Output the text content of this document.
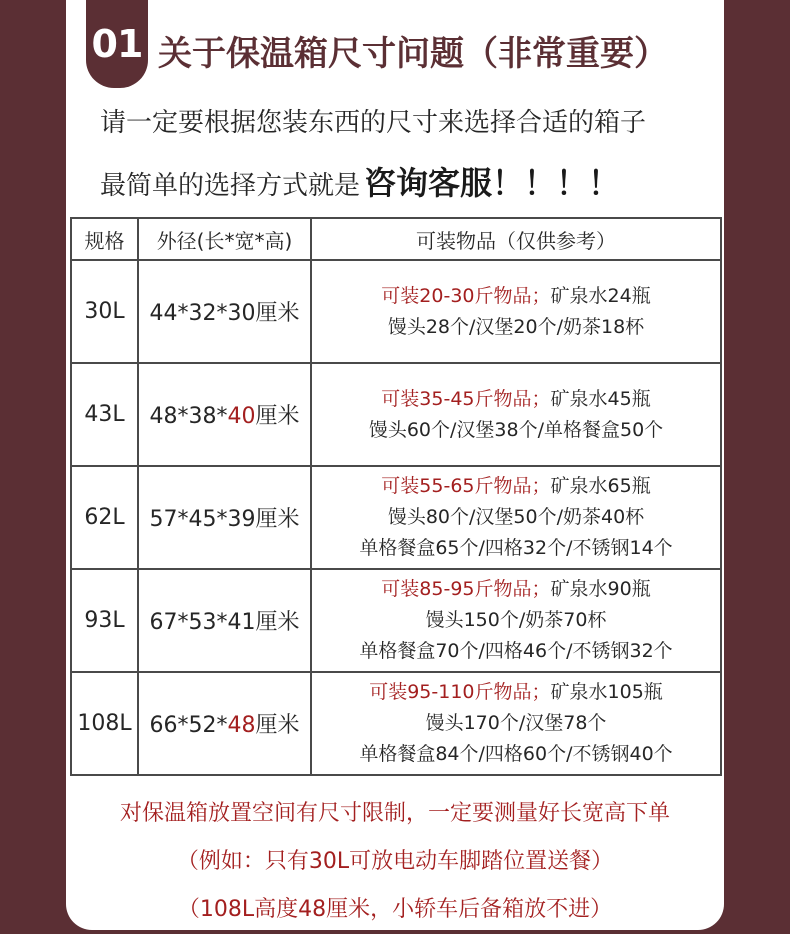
01 关于保温箱尺寸问题（非常重要）
请一定要根据您装东西的尺寸来选择合适的箱子
最简单的选择方式就是 咨询客服！！！！
规格	外径(长*宽*高)	可装物品（仅供参考）
30L	44*32*30厘米	可装20-30斤物品；矿泉水24瓶
馒头28个/汉堡20个/奶茶18杯

43L	48*38*40厘米	可装35-45斤物品；矿泉水45瓶
馒头60个/汉堡38个/单格餐盒50个

62L	57*45*39厘米	可装55-65斤物品；矿泉水65瓶
馒头80个/汉堡50个/奶茶40杯
单格餐盒65个/四格32个/不锈钢14个

93L	67*53*41厘米	可装85-95斤物品；矿泉水90瓶
馒头150个/奶茶70杯
单格餐盒70个/四格46个/不锈钢32个

108L	66*52*48厘米	可装95-110斤物品；矿泉水105瓶
馒头170个/汉堡78个
单格餐盒84个/四格60个/不锈钢40个
对保温箱放置空间有尺寸限制，一定要测量好长宽高下单
（例如：只有30L可放电动车脚踏位置送餐）
（108L高度48厘米，小轿车后备箱放不进）
